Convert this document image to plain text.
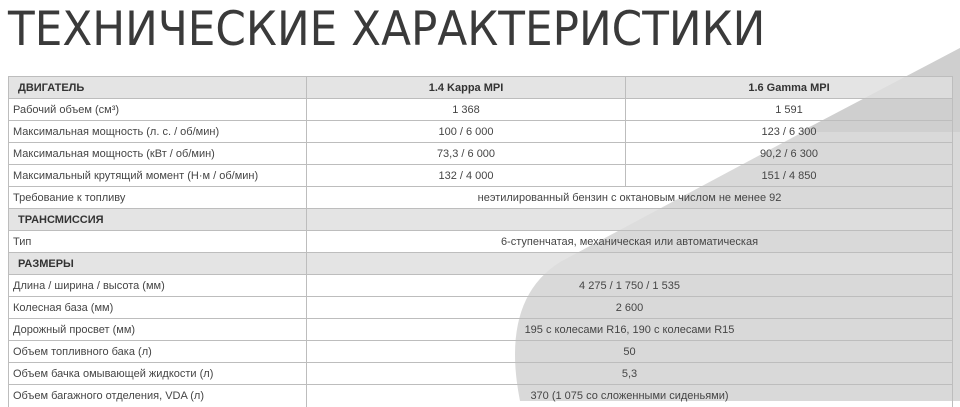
ТЕХНИЧЕСКИЕ ХАРАКТЕРИСТИКИ
ДВИГАТЕЛЬ	1.4 Kappa MPI	1.6 Gamma MPI
Рабочий объем (см³)	1 368	1 591
Максимальная мощность (л. с. / об/мин)	100 / 6 000	123 / 6 300
Максимальная мощность (кВт / об/мин)	73,3 / 6 000	90,2 / 6 300
Максимальный крутящий момент (Н·м / об/мин)	132 / 4 000	151 / 4 850
Требование к топливу	неэтилированный бензин с октановым числом не менее 92	
ТРАНСМИССИЯ		
Тип	6-ступенчатая, механическая или автоматическая	
РАЗМЕРЫ		
Длина / ширина / высота (мм)	4 275 / 1 750 / 1 535	
Колесная база (мм)	2 600	
Дорожный просвет (мм)	195 с колесами R16, 190 с колесами R15	
Объем топливного бака (л)	50	
Объем бачка омывающей жидкости (л)	5,3	
Объем багажного отделения, VDA (л)	370 (1 075 со сложенными сиденьями)	
